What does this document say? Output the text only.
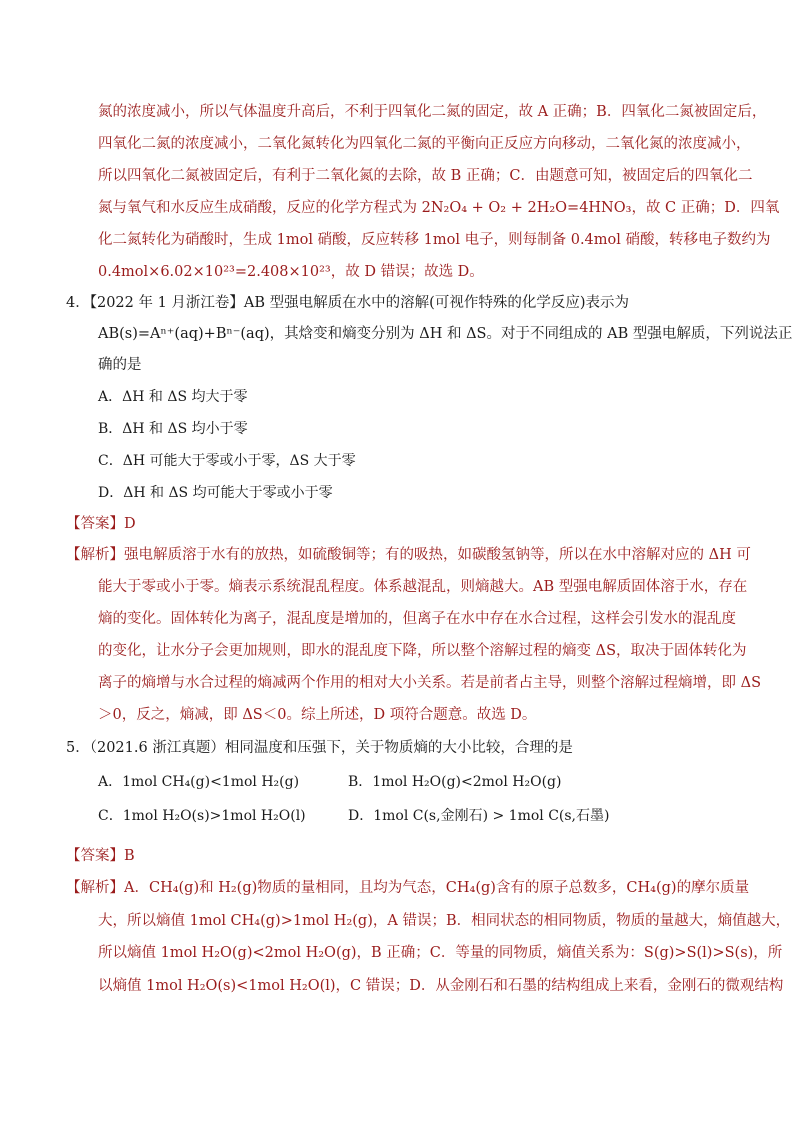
氮的浓度减小，所以气体温度升高后，不利于四氧化二氮的固定，故 A 正确；B．四氧化二氮被固定后，
四氧化二氮的浓度减小，二氧化氮转化为四氧化二氮的平衡向正反应方向移动，二氧化氮的浓度减小，
所以四氧化二氮被固定后，有利于二氧化氮的去除，故 B 正确；C．由题意可知，被固定后的四氧化二
氮与氧气和水反应生成硝酸，反应的化学方程式为 2N₂O₄ + O₂ + 2H₂O=4HNO₃，故 C 正确；D．四氧
化二氮转化为硝酸时，生成 1mol 硝酸，反应转移 1mol 电子，则每制备 0.4mol 硝酸，转移电子数约为
0.4mol×6.02×10²³=2.408×10²³，故 D 错误；故选 D。
4．【2022 年 1 月浙江卷】AB 型强电解质在水中的溶解(可视作特殊的化学反应)表示为
AB(s)=Aⁿ⁺(aq)+Bⁿ⁻(aq)，其焓变和熵变分别为 ΔH 和 ΔS。对于不同组成的 AB 型强电解质，下列说法正
确的是
A．ΔH 和 ΔS 均大于零
B．ΔH 和 ΔS 均小于零
C．ΔH 可能大于零或小于零，ΔS 大于零
D．ΔH 和 ΔS 均可能大于零或小于零
【答案】D
【解析】强电解质溶于水有的放热，如硫酸铜等；有的吸热，如碳酸氢钠等，所以在水中溶解对应的 ΔH 可
能大于零或小于零。熵表示系统混乱程度。体系越混乱，则熵越大。AB 型强电解质固体溶于水，存在
熵的变化。固体转化为离子，混乱度是增加的，但离子在水中存在水合过程，这样会引发水的混乱度
的变化，让水分子会更加规则，即水的混乱度下降，所以整个溶解过程的熵变 ΔS，取决于固体转化为
离子的熵增与水合过程的熵减两个作用的相对大小关系。若是前者占主导，则整个溶解过程熵增，即 ΔS
＞0，反之，熵减，即 ΔS＜0。综上所述，D 项符合题意。故选 D。
5．（2021.6 浙江真题）相同温度和压强下，关于物质熵的大小比较，合理的是
A．1mol CH₄(g)<1mol H₂(g)	B．1mol H₂O(g)<2mol H₂O(g)
C．1mol H₂O(s)>1mol H₂O(l)	D．1mol C(s,金刚石) > 1mol C(s,石墨)
【答案】B
【解析】A．CH₄(g)和 H₂(g)物质的量相同，且均为气态，CH₄(g)含有的原子总数多，CH₄(g)的摩尔质量
大，所以熵值 1mol CH₄(g)>1mol H₂(g)，A 错误；B．相同状态的相同物质，物质的量越大，熵值越大，
所以熵值 1mol H₂O(g)<2mol H₂O(g)，B 正确；C．等量的同物质，熵值关系为：S(g)>S(l)>S(s)，所
以熵值 1mol H₂O(s)<1mol H₂O(l)，C 错误；D．从金刚石和石墨的结构组成上来看，金刚石的微观结构
